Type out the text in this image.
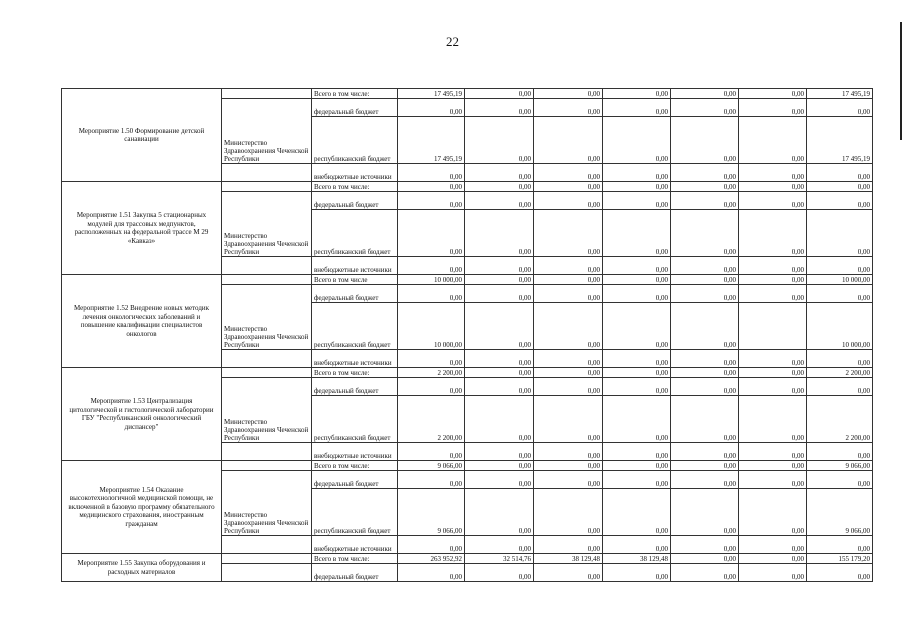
22
Мероприятие 1.50 Формирование детской санавиации		Всего в том числе:	17 495,19	0,00	0,00	0,00	0,00	0,00	17 495,19
	Министерство Здравоохранения Чеченской Республики	федеральный бюджет	0,00	0,00	0,00	0,00	0,00	0,00	0,00
		республиканский бюджет	17 495,19	0,00	0,00	0,00	0,00	0,00	17 495,19
		внебюджетные источники	0,00	0,00	0,00	0,00	0,00	0,00	0,00
Мероприятие 1.51 Закупка 5 стационарных модулей для трассовых медпунктов, расположенных на федеральной трассе М 29 «Кавказ»		Всего в том числе:	0,00	0,00	0,00	0,00	0,00	0,00	0,00
	Министерство Здравоохранения Чеченской Республики	федеральный бюджет	0,00	0,00	0,00	0,00	0,00	0,00	0,00
		республиканский бюджет	0,00	0,00	0,00	0,00	0,00	0,00	0,00
		внебюджетные источники	0,00	0,00	0,00	0,00	0,00	0,00	0,00
Мероприятие 1.52 Внедрение новых методик лечения онкологических заболеваний и повышение квалификации специалистов онкологов		Всего в том числе	10 000,00	0,00	0,00	0,00	0,00	0,00	10 000,00
	Министерство Здравоохранения Чеченской Республики	федеральный бюджет	0,00	0,00	0,00	0,00	0,00	0,00	0,00
		республиканский бюджет	10 000,00	0,00	0,00	0,00	0,00		10 000,00
		внебюджетные источники	0,00	0,00	0,00	0,00	0,00	0,00	0,00
Мероприятие 1.53 Централизация цитологической и гистологической лаборатории ГБУ "Республиканский онкологический диспансер"		Всего в том числе:	2 200,00	0,00	0,00	0,00	0,00	0,00	2 200,00
	Министерство Здравоохранения Чеченской Республики	федеральный бюджет	0,00	0,00	0,00	0,00	0,00	0,00	0,00
		республиканский бюджет	2 200,00	0,00	0,00	0,00	0,00	0,00	2 200,00
		внебюджетные источники	0,00	0,00	0,00	0,00	0,00	0,00	0,00
Мероприятие 1.54 Оказание высокотехнологичной медицинской помощи, не включенной в базовую программу обязательного медицинского страхования, иностранным гражданам		Всего в том числе:	9 066,00	0,00	0,00	0,00	0,00	0,00	9 066,00
	Министерство Здравоохранения Чеченской Республики	федеральный бюджет	0,00	0,00	0,00	0,00	0,00	0,00	0,00
		республиканский бюджет	9 066,00	0,00	0,00	0,00	0,00	0,00	9 066,00
		внебюджетные источники	0,00	0,00	0,00	0,00	0,00	0,00	0,00
Мероприятие 1.55 Закупка оборудования и расходных материалов		Всего в том числе:	263 952,92	32 514,76	38 129,48	38 129,48	0,00	0,00	155 179,20
		федеральный бюджет	0,00	0,00	0,00	0,00	0,00	0,00	0,00
